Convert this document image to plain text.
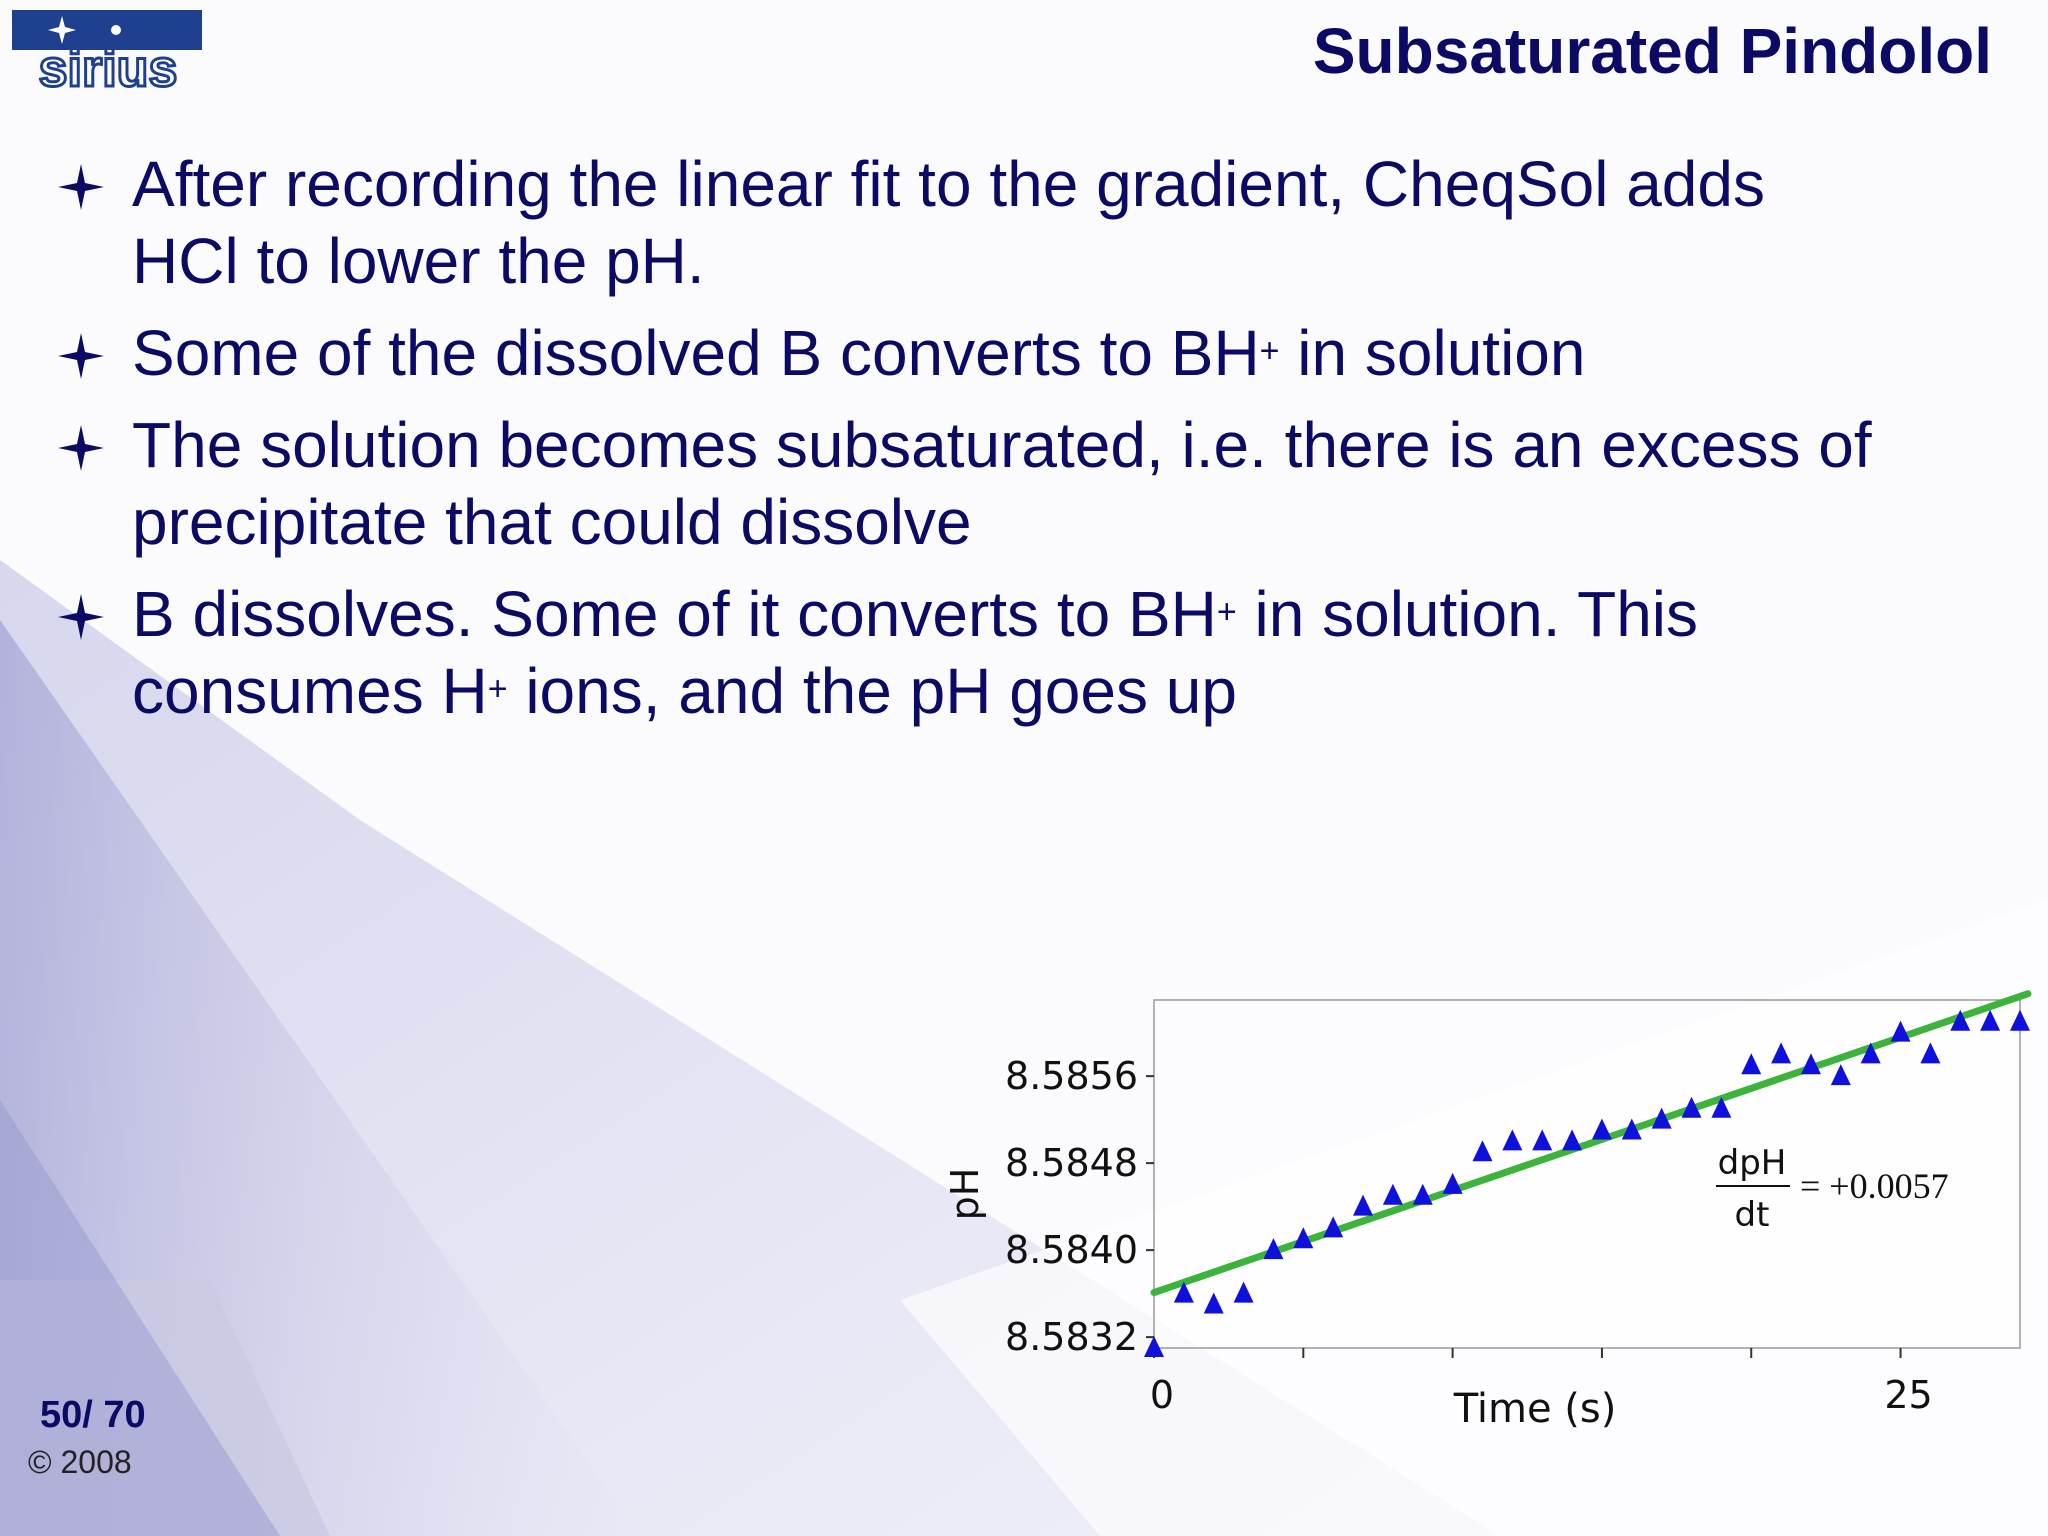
sirius	Subsaturated Pindolol
After recording the linear fit to the gradient, CheqSol adds
HCl to lower the pH.
Some of the dissolved B converts to BH+ in solution
The solution becomes subsaturated, i.e. there is an excess of
precipitate that could dissolve
B dissolves. Some of it converts to BH+ in solution. This
consumes H+ ions, and the pH goes up
8.5832
8.5840
8.5848
8.5856
0	25
Time (s)
pH
dpH
dt
= +0.0057
50/ 70
© 2008
